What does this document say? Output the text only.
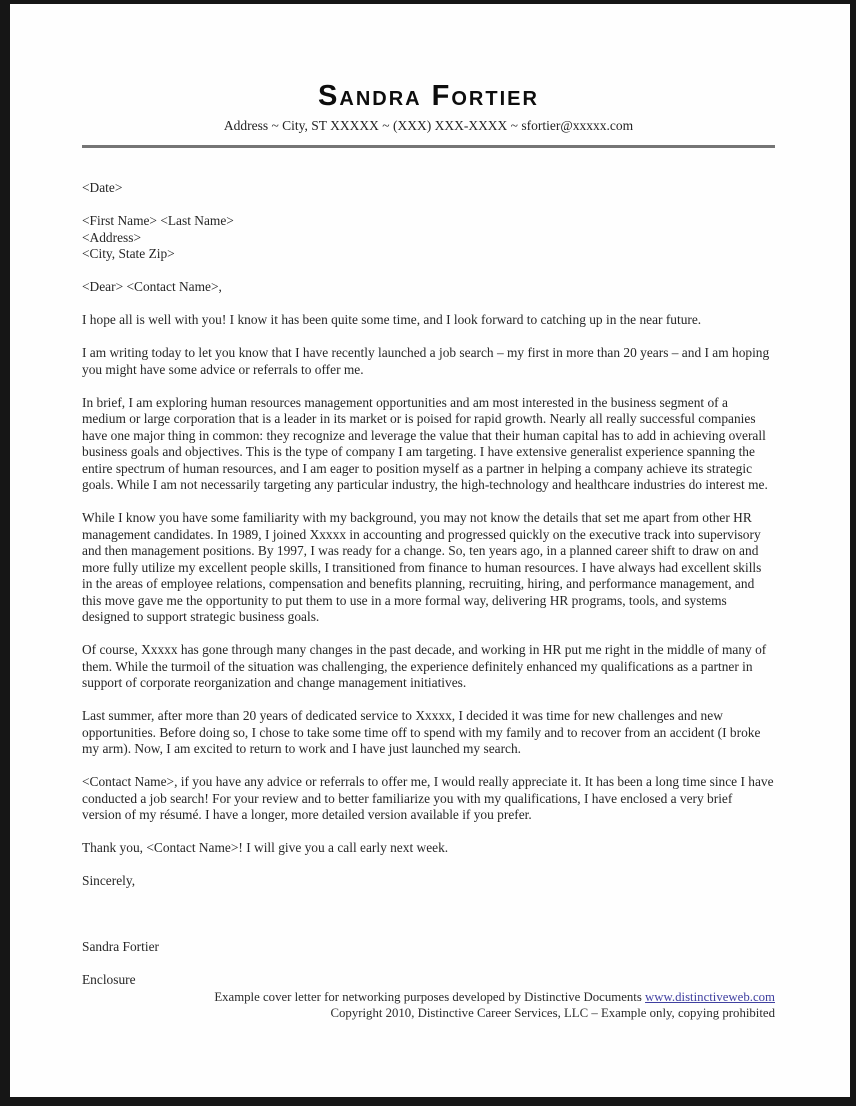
Sandra Fortier
Address ~ City, ST XXXXX ~ (XXX) XXX-XXXX ~ sfortier@xxxxx.com

<Date>

<First Name> <Last Name>
<Address>
<City, State Zip>

<Dear> <Contact Name>,

I hope all is well with you! I know it has been quite some time, and I look forward to catching up in the near future.

I am writing today to let you know that I have recently launched a job search – my first in more than 20 years – and I am hoping you might have some advice or referrals to offer me.

In brief, I am exploring human resources management opportunities and am most interested in the business segment of a medium or large corporation that is a leader in its market or is poised for rapid growth. Nearly all really successful companies have one major thing in common: they recognize and leverage the value that their human capital has to add in achieving overall business goals and objectives. This is the type of company I am targeting. I have extensive generalist experience spanning the entire spectrum of human resources, and I am eager to position myself as a partner in helping a company achieve its strategic goals. While I am not necessarily targeting any particular industry, the high-technology and healthcare industries do interest me.

While I know you have some familiarity with my background, you may not know the details that set me apart from other HR management candidates. In 1989, I joined Xxxxx in accounting and progressed quickly on the executive track into supervisory and then management positions. By 1997, I was ready for a change. So, ten years ago, in a planned career shift to draw on and more fully utilize my excellent people skills, I transitioned from finance to human resources. I have always had excellent skills in the areas of employee relations, compensation and benefits planning, recruiting, hiring, and performance management, and this move gave me the opportunity to put them to use in a more formal way, delivering HR programs, tools, and systems designed to support strategic business goals.

Of course, Xxxxx has gone through many changes in the past decade, and working in HR put me right in the middle of many of them. While the turmoil of the situation was challenging, the experience definitely enhanced my qualifications as a partner in support of corporate reorganization and change management initiatives.

Last summer, after more than 20 years of dedicated service to Xxxxx, I decided it was time for new challenges and new opportunities. Before doing so, I chose to take some time off to spend with my family and to recover from an accident (I broke my arm). Now, I am excited to return to work and I have just launched my search.

<Contact Name>, if you have any advice or referrals to offer me, I would really appreciate it. It has been a long time since I have conducted a job search! For your review and to better familiarize you with my qualifications, I have enclosed a very brief version of my résumé. I have a longer, more detailed version available if you prefer.

Thank you, <Contact Name>! I will give you a call early next week.

Sincerely,

Sandra Fortier

Enclosure

Example cover letter for networking purposes developed by Distinctive Documents www.distinctiveweb.com
Copyright 2010, Distinctive Career Services, LLC – Example only, copying prohibited
